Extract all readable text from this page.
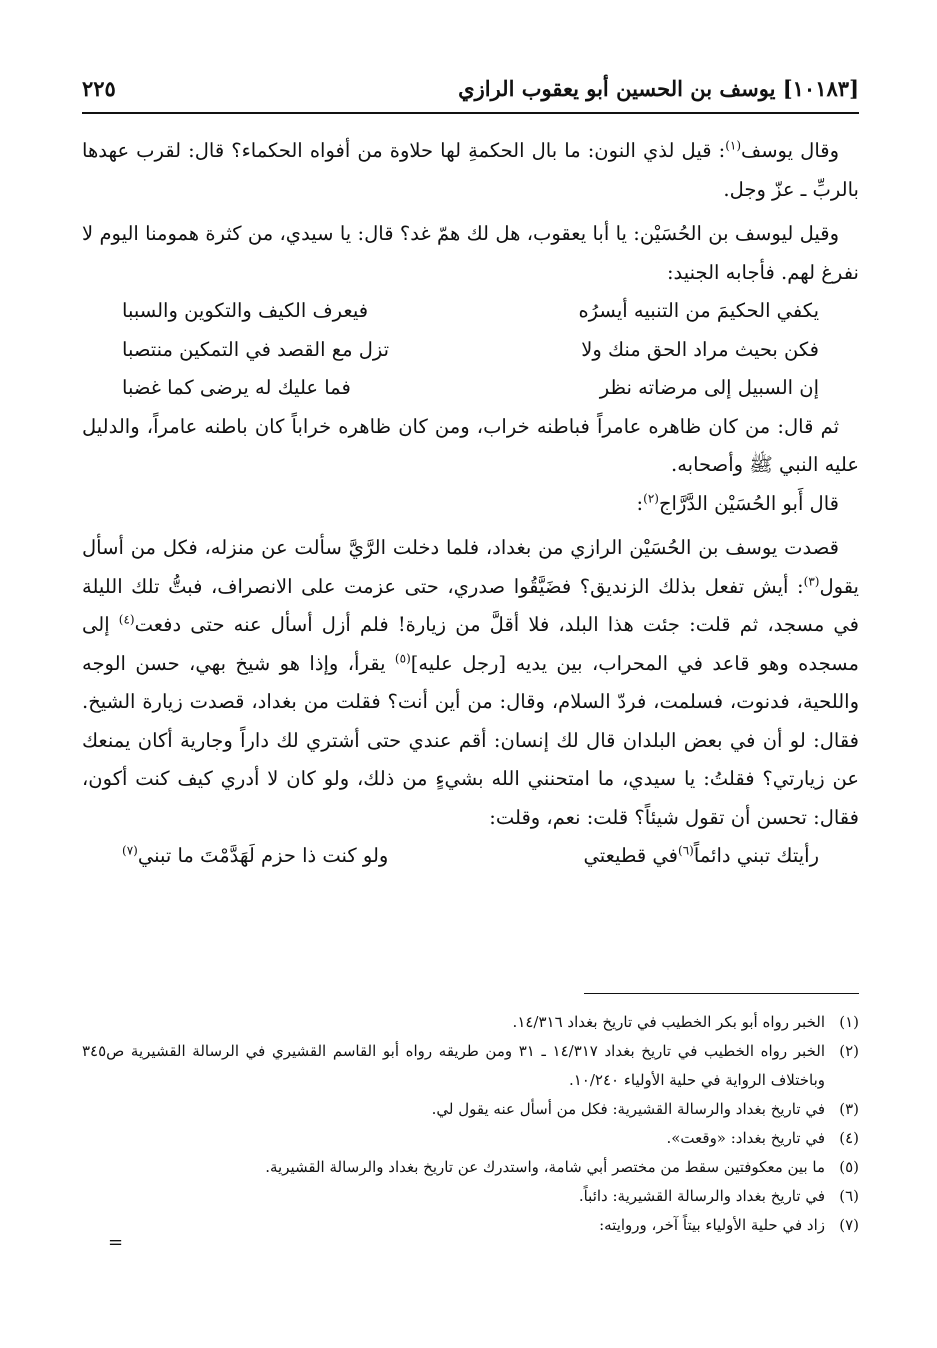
[١٠١٨٣] يوسف بن الحسين أبو يعقوب الرازي
٢٢٥

وقال يوسف$^{(١)}$: قيل لذي النون: ما بال الحكمةِ لها حلاوة من أفواه الحكماء؟ قال: لقرب عهدها بالربِّ ـ عزّ وجل.

وقيل ليوسف بن الحُسَيْن: يا أبا يعقوب، هل لك همّ غد؟ قال: يا سيدي، من كثرة همومنا اليوم لا نفرغ لهم. فأجابه الجنيد:

يكفي الحكيمَ من التنبيه أيسرُه
فيعرف الكيف والتكوين والسببا
فكن بحيث مراد الحق منك ولا
تزل مع القصد في التمكين منتصبا
إن السبيل إلى مرضاته نظر
فما عليك له يرضى كما غضبا

ثم قال: من كان ظاهره عامراً فباطنه خراب، ومن كان ظاهره خراباً كان باطنه عامراً، والدليل عليه النبي ﷺ وأصحابه.

قال أَبو الحُسَيْن الدَّرَّاج$^{(٢)}$:

قصدت يوسف بن الحُسَيْن الرازي من بغداد، فلما دخلت الرَّيَّ سألت عن منزله، فكل من أسأل يقول$^{(٣)}$: أيش تفعل بذلك الزنديق؟ فضَيَّقُوا صدري، حتى عزمت على الانصراف، فبتُّ تلك الليلة في مسجد، ثم قلت: جئت هذا البلد، فلا أقلَّ من زيارة! فلم أزل أسأل عنه حتى دفعت$^{(٤)}$ إلى مسجده وهو قاعد في المحراب، بين يديه [رجل عليه]$^{(٥)}$ يقرأ، وإذا هو شيخ بهي، حسن الوجه واللحية، فدنوت، فسلمت، فردّ السلام، وقال: من أين أنت؟ فقلت من بغداد، قصدت زيارة الشيخ. فقال: لو أن في بعض البلدان قال لك إنسان: أقم عندي حتى أشتري لك داراً وجارية أكان يمنعك عن زيارتي؟ فقلتُ: يا سيدي، ما امتحنني الله بشيءٍ من ذلك، ولو كان لا أدري كيف كنت أكون، فقال: تحسن أن تقول شيئاً؟ قلت: نعم، وقلت:

رأيتك تبني دائماً$^{(٦)}$في قطيعتي
ولو كنت ذا حزم لَهَدَّمْتَ ما تبني$^{(٧)}$
(١)
الخبر رواه أبو بكر الخطيب في تاريخ بغداد ١٤/٣١٦.
(٢)
الخبر رواه الخطيب في تاريخ بغداد ١٤/٣١٧ ـ ٣١ ومن طريقه رواه أبو القاسم القشيري في الرسالة القشيرية ص٣٤٥ وباختلاف الرواية في حلية الأولياء ١٠/٢٤٠.
(٣)
في تاريخ بغداد والرسالة القشيرية: فكل من أسأل عنه يقول لي.
(٤)
في تاريخ بغداد: «وقعت».
(٥)
ما بين معكوفتين سقط من مختصر أبي شامة، واستدرك عن تاريخ بغداد والرسالة القشيرية.
(٦)
في تاريخ بغداد والرسالة القشيرية: دائباً.
(٧)
زاد في حلية الأولياء بيتاً آخر، وروايته:
=
